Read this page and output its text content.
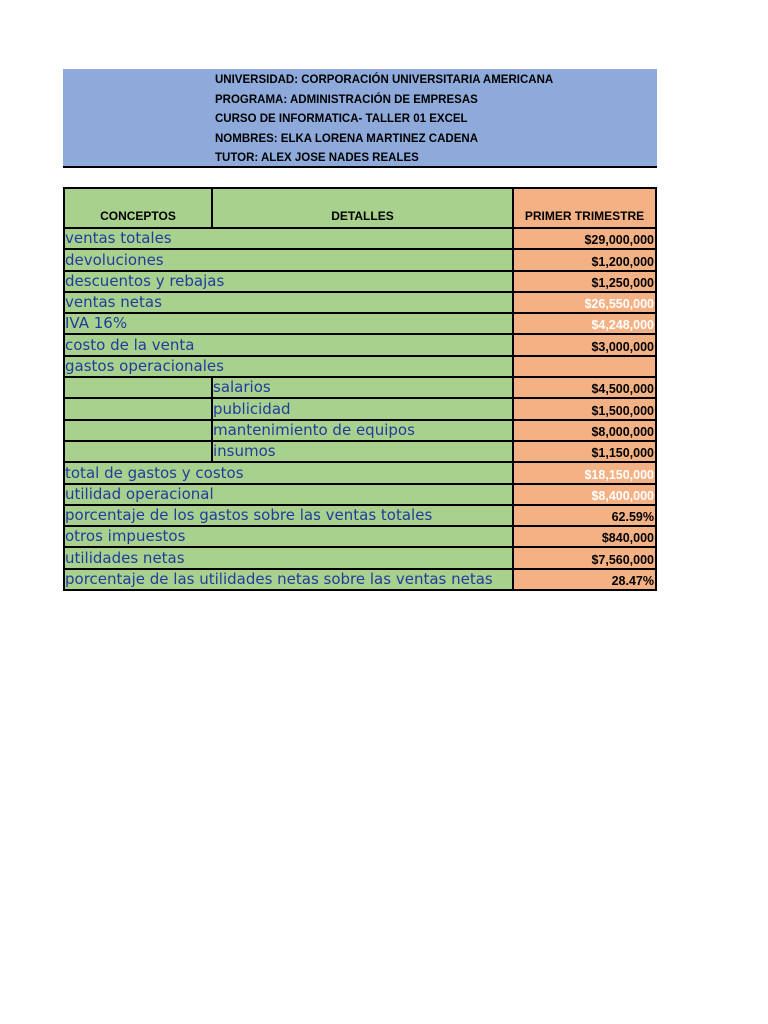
UNIVERSIDAD: CORPORACIÓN UNIVERSITARIA AMERICANA
PROGRAMA: ADMINISTRACIÓN DE EMPRESAS
CURSO DE INFORMATICA- TALLER 01 EXCEL
NOMBRES: ELKA LORENA MARTINEZ CADENA
TUTOR: ALEX JOSE NADES REALES
CONCEPTOS	DETALLES	PRIMER TRIMESTRE
ventas totales	$29,000,000
devoluciones	$1,200,000
descuentos y rebajas	$1,250,000
ventas netas	$26,550,000
IVA 16%	$4,248,000
costo de la venta	$3,000,000
gastos operacionales
salarios	$4,500,000
publicidad	$1,500,000
mantenimiento de equipos	$8,000,000
insumos	$1,150,000
total de gastos y costos	$18,150,000
utilidad operacional	$8,400,000
porcentaje de los gastos sobre las ventas totales	62.59%
otros impuestos	$840,000
utilidades netas	$7,560,000
porcentaje de las utilidades netas sobre las ventas netas	28.47%
